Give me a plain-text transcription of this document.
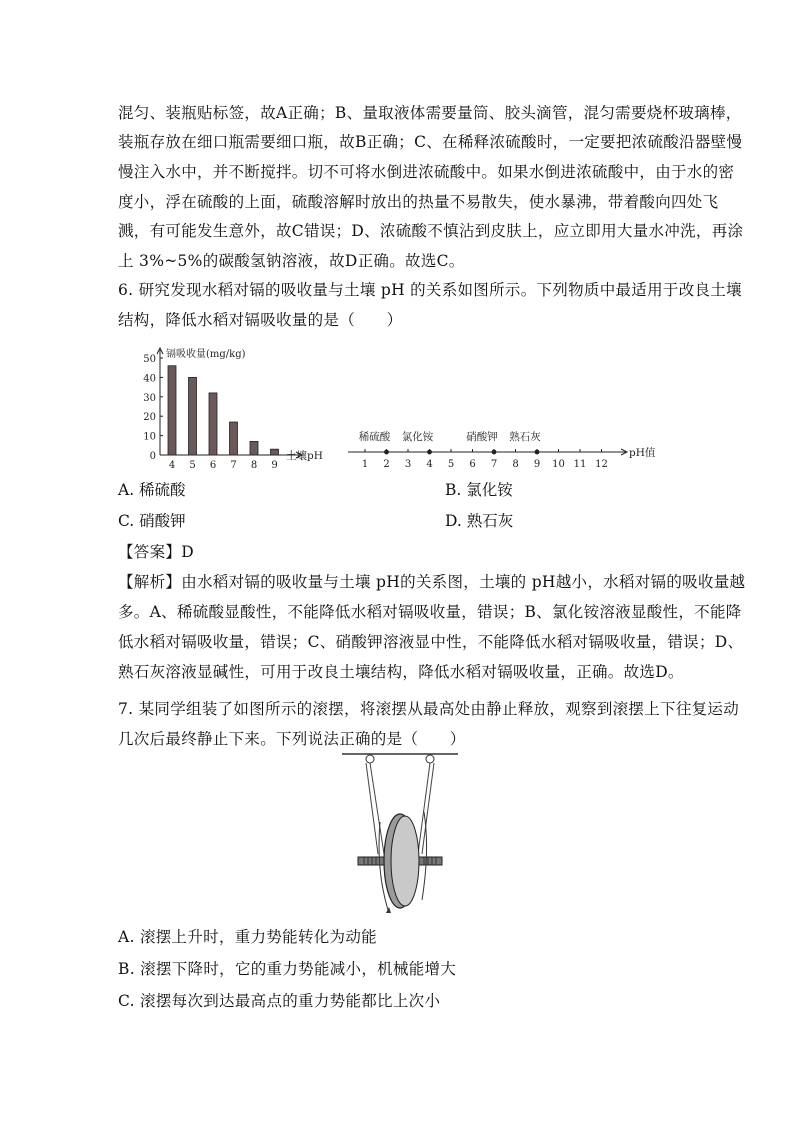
混匀、装瓶贴标签，故A正确；B、量取液体需要量筒、胶头滴管，混匀需要烧杯玻璃棒，
装瓶存放在细口瓶需要细口瓶，故B正确；C、在稀释浓硫酸时，一定要把浓硫酸沿器壁慢
慢注入水中，并不断搅拌。切不可将水倒进浓硫酸中。如果水倒进浓硫酸中，由于水的密
度小，浮在硫酸的上面，硫酸溶解时放出的热量不易散失，使水暴沸，带着酸向四处飞
溅，有可能发生意外，故C错误；D、浓硫酸不慎沾到皮肤上，应立即用大量水冲洗，再涂
上 3%~5%的碳酸氢钠溶液，故D正确。故选C。
6. 研究发现水稻对镉的吸收量与土壤 pH 的关系如图所示。下列物质中最适用于改良土壤
结构，降低水稻对镉吸收量的是（　　）
0
10
20
30
40
50
4 5 6 7 8 9
镉吸收量(mg/kg)
土壤pH
1 2 3 4 5 6 7 8 9 10 11 12
稀硫酸 氯化铵	硝酸钾 熟石灰
pH值
A. 稀硫酸	B. 氯化铵
C. 硝酸钾	D. 熟石灰
【答案】D
【解析】由水稻对镉的吸收量与土壤 pH的关系图，土壤的 pH越小，水稻对镉的吸收量越
多。A、稀硫酸显酸性，不能降低水稻对镉吸收量，错误；B、氯化铵溶液显酸性，不能降
低水稻对镉吸收量，错误；C、硝酸钾溶液显中性，不能降低水稻对镉吸收量，错误；D、
熟石灰溶液显碱性，可用于改良土壤结构，降低水稻对镉吸收量，正确。故选D。
7. 某同学组装了如图所示的滚摆，将滚摆从最高处由静止释放，观察到滚摆上下往复运动
几次后最终静止下来。下列说法正确的是（　　）
A. 滚摆上升时，重力势能转化为动能
B. 滚摆下降时，它的重力势能减小，机械能增大
C. 滚摆每次到达最高点的重力势能都比上次小
